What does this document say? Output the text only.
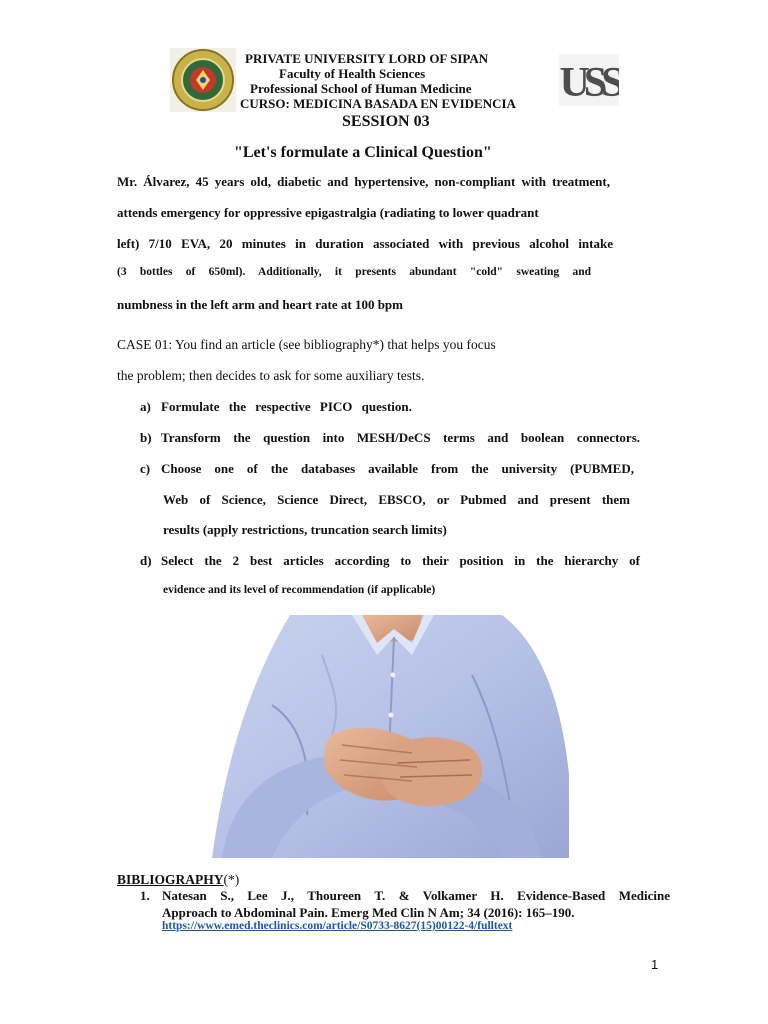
USS
PRIVATE UNIVERSITY LORD OF SIPAN
Faculty of Health Sciences
Professional School of Human Medicine
CURSO: MEDICINA BASADA EN EVIDENCIA
SESSION 03
"Let's formulate a Clinical Question"
Mr. Álvarez, 45 years old, diabetic and hypertensive, non-compliant with treatment,
attends emergency for oppressive epigastralgia (radiating to lower quadrant
left) 7/10 EVA, 20 minutes in duration associated with previous alcohol intake
(3 bottles of 650ml). Additionally, it presents abundant "cold" sweating and
numbness in the left arm and heart rate at 100 bpm
CASE 01: You find an article (see bibliography*) that helps you focus
the problem; then decides to ask for some auxiliary tests.
a) Formulate the respective PICO question.
b) Transform the question into MESH/DeCS terms and boolean connectors.
c) Choose one of the databases available from the university (PUBMED,
Web of Science, Science Direct, EBSCO, or Pubmed and present them
results (apply restrictions, truncation search limits)
d) Select the 2 best articles according to their position in the hierarchy of
evidence and its level of recommendation (if applicable)
BIBLIOGRAPHY(*)
1. Natesan S., Lee J., Thoureen T. & Volkamer H. Evidence-Based Medicine
Approach to Abdominal Pain. Emerg Med Clin N Am; 34 (2016): 165–190.
https://www.emed.theclinics.com/article/S0733-8627(15)00122-4/fulltext
1
